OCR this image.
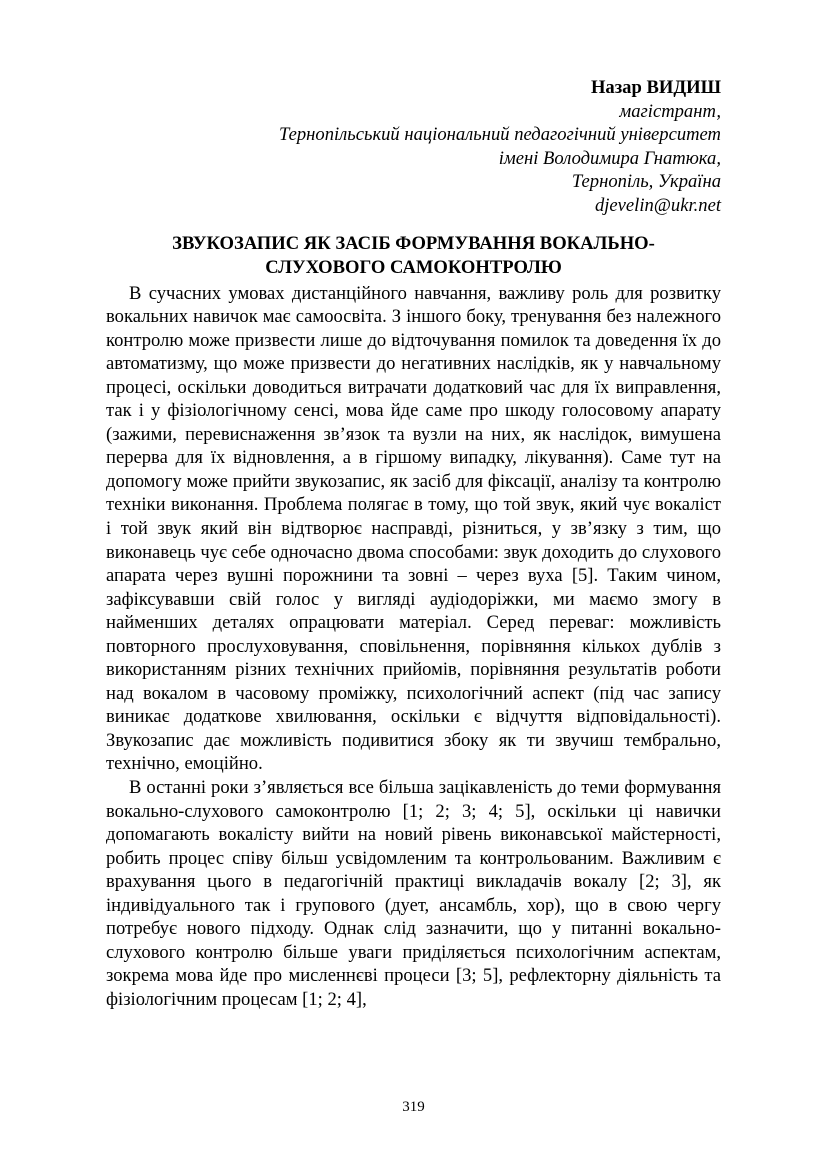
Назар ВИДИШ
магістрант,
Тернопільський національний педагогічний університет
імені Володимира Гнатюка,
Тернопіль, Україна
djevelin@ukr.net
ЗВУКОЗАПИС ЯК ЗАСІБ ФОРМУВАННЯ ВОКАЛЬНО-
СЛУХОВОГО САМОКОНТРОЛЮ

В сучасних умовах дистанційного навчання, важливу роль для розвитку вокальних навичок має самоосвіта. З іншого боку, тренування без належного контролю може призвести лише до відточування помилок та доведення їх до автоматизму, що може призвести до негативних наслідків, як у навчальному процесі, оскільки доводиться витрачати додатковий час для їх виправлення, так і у фізіологічному сенсі, мова йде саме про шкоду голосовому апарату (зажими, перевиснаження зв’язок та вузли на них, як наслідок, вимушена перерва для їх відновлення, а в гіршому випадку, лікування). Саме тут на допомогу може прийти звукозапис, як засіб для фіксації, аналізу та контролю техніки виконання. Проблема полягає в тому, що той звук, який чує вокаліст і той звук який він відтворює насправді, різниться, у зв’язку з тим, що виконавець чує себе одночасно двома способами: звук доходить до слухового апарата через вушні порожнини та зовні – через вуха [5]. Таким чином, зафіксувавши свій голос у вигляді аудіодоріжки, ми маємо змогу в найменших деталях опрацювати матеріал. Серед переваг: можливість повторного прослуховування, сповільнення, порівняння кількох дублів з використанням різних технічних прийомів, порівняння результатів роботи над вокалом в часовому проміжку, психологічний аспект (під час запису виникає додаткове хвилювання, оскільки є відчуття відповідальності). Звукозапис дає можливість подивитися збоку як ти звучиш тембрально, технічно, емоційно.

В останні роки з’являється все більша зацікавленість до теми формування вокально-слухового самоконтролю [1; 2; 3; 4; 5], оскільки ці навички допомагають вокалісту вийти на новий рівень виконавської майстерності, робить процес співу більш усвідомленим та контрольованим. Важливим є врахування цього в педагогічній практиці викладачів вокалу [2; 3], як індивідуального так і групового (дует, ансамбль, хор), що в свою чергу потребує нового підходу. Однак слід зазначити, що у питанні вокально-слухового контролю більше уваги приділяється психологічним аспектам, зокрема мова йде про мисленнєві процеси [3; 5], рефлекторну діяльність та фізіологічним процесам [1; 2; 4],

319
